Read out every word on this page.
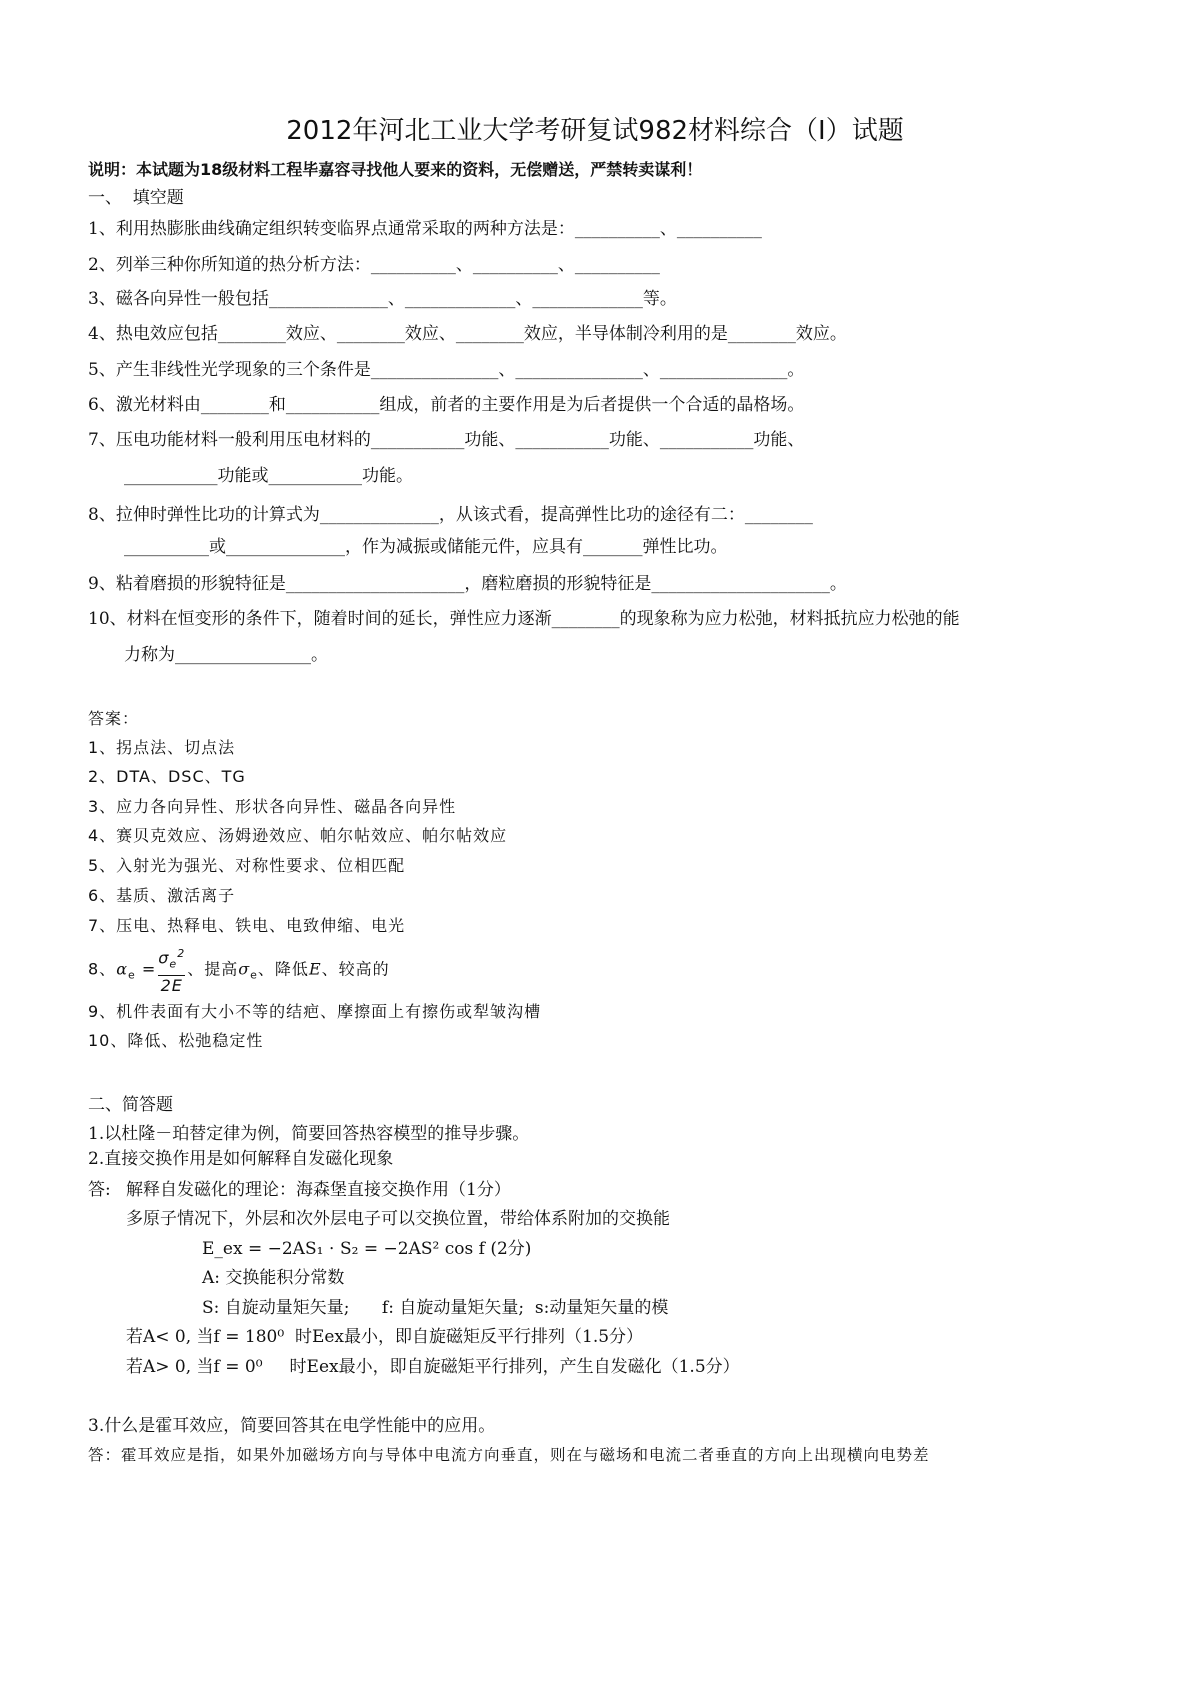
2012年河北工业大学考研复试982材料综合（Ⅰ）试题
说明：本试题为18级材料工程毕嘉容寻找他人要来的资料，无偿赠送，严禁转卖谋利！
一、  填空题
1、利用热膨胀曲线确定组织转变临界点通常采取的两种方法是：__________、__________
2、列举三种你所知道的热分析方法：__________、__________、__________
3、磁各向异性一般包括______________、_____________、_____________等。
4、热电效应包括________效应、________效应、________效应，半导体制冷利用的是________效应。
5、产生非线性光学现象的三个条件是_______________、_______________、_______________。
6、激光材料由________和___________组成，前者的主要作用是为后者提供一个合适的晶格场。
7、压电功能材料一般利用压电材料的___________功能、___________功能、___________功能、
___________功能或___________功能。
8、拉伸时弹性比功的计算式为______________，从该式看，提高弹性比功的途径有二：________
__________或______________，作为减振或储能元件，应具有_______弹性比功。
9、粘着磨损的形貌特征是_____________________，磨粒磨损的形貌特征是_____________________。
10、材料在恒变形的条件下，随着时间的延长，弹性应力逐渐________的现象称为应力松弛，材料抵抗应力松弛的能
力称为________________。
答案：
1、拐点法、切点法
2、DTA、DSC、TG
3、应力各向异性、形状各向异性、磁晶各向异性
4、赛贝克效应、汤姆逊效应、帕尔帖效应、帕尔帖效应
5、入射光为强光、对称性要求、位相匹配
6、基质、激活离子
7、压电、热释电、铁电、电致伸缩、电光
8、$\alpha_e = \frac{\sigma_e^2}{2E}$ 、提高$\sigma_e$、降低E、较高的
9、机件表面有大小不等的结疤、摩擦面上有擦伤或犁皱沟槽
10、降低、松弛稳定性
二、简答题
1.以杜隆－珀替定律为例，简要回答热容模型的推导步骤。
2.直接交换作用是如何解释自发磁化现象
答: 解释自发磁化的理论：海森堡直接交换作用（1分）
多原子情况下，外层和次外层电子可以交换位置，带给体系附加的交换能
E_ex = −2AS₁ ⋅ S₂ = −2AS² cos f (2分)
A: 交换能积分常数
S: 自旋动量矩矢量;      f: 自旋动量矩矢量;  s:动量矩矢量的模
若A< 0, 当f = 180⁰  时Eex最小，即自旋磁矩反平行排列（1.5分）
若A> 0, 当f = 0⁰     时Eex最小，即自旋磁矩平行排列，产生自发磁化（1.5分）
3.什么是霍耳效应，简要回答其在电学性能中的应用。
答：霍耳效应是指，如果外加磁场方向与导体中电流方向垂直，则在与磁场和电流二者垂直的方向上出现横向电势差
